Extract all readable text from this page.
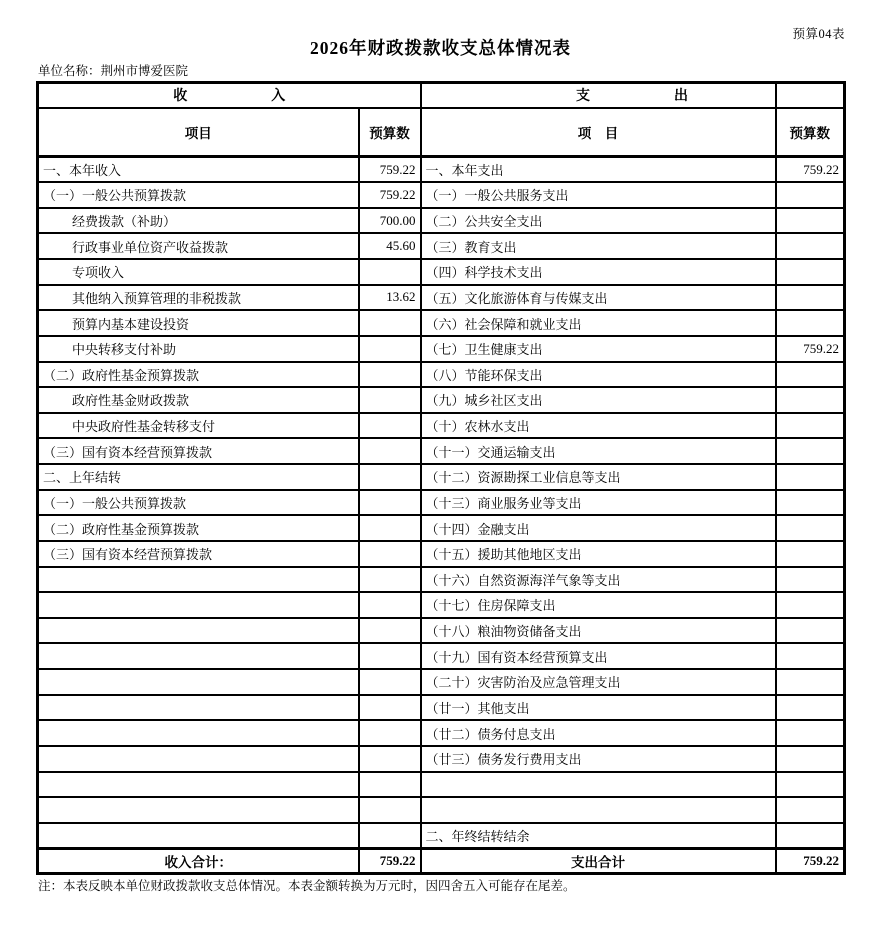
预算04表
2026年财政拨款收支总体情况表
单位名称：荆州市博爱医院
收　　　　　　入		支　　　　　　出	
项目	预算数	项　目	预算数
一、本年收入	759.22	一、本年支出	759.22
（一）一般公共预算拨款	759.22	（一）一般公共服务支出	
经费拨款（补助）	700.00	（二）公共安全支出	
行政事业单位资产收益拨款	45.60	（三）教育支出	
专项收入		（四）科学技术支出	
其他纳入预算管理的非税拨款	13.62	（五）文化旅游体育与传媒支出	
预算内基本建设投资		（六）社会保障和就业支出	
中央转移支付补助		（七）卫生健康支出	759.22
（二）政府性基金预算拨款		（八）节能环保支出	
政府性基金财政拨款		（九）城乡社区支出	
中央政府性基金转移支付		（十）农林水支出	
（三）国有资本经营预算拨款		（十一）交通运输支出	
二、上年结转		（十二）资源勘探工业信息等支出	
（一）一般公共预算拨款		（十三）商业服务业等支出	
（二）政府性基金预算拨款		（十四）金融支出	
（三）国有资本经营预算拨款		（十五）援助其他地区支出	
		（十六）自然资源海洋气象等支出	
		（十七）住房保障支出	
		（十八）粮油物资储备支出	
		（十九）国有资本经营预算支出	
		（二十）灾害防治及应急管理支出	
		（廿一）其他支出	
		（廿二）债务付息支出	
		（廿三）债务发行费用支出	

		二、年终结转结余	
收入合计：	759.22	支出合计	759.22
注：本表反映本单位财政拨款收支总体情况。本表金额转换为万元时，因四舍五入可能存在尾差。
